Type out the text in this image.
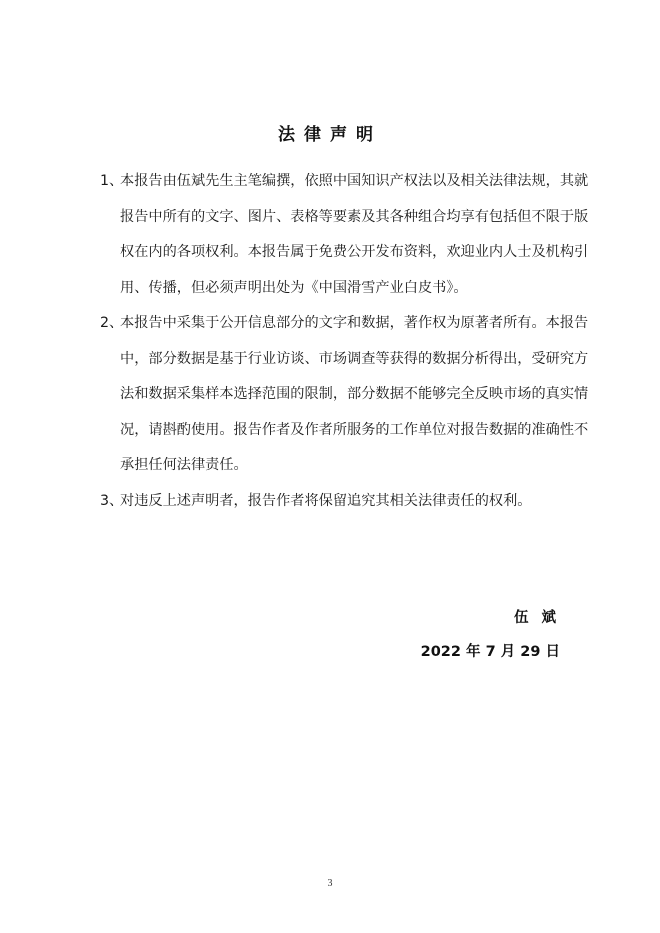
法律声明
1、本报告由伍斌先生主笔编撰，依照中国知识产权法以及相关法律法规，其就
报告中所有的文字、图片、表格等要素及其各种组合均享有包括但不限于版
权在内的各项权利。本报告属于免费公开发布资料，欢迎业内人士及机构引
用、传播，但必须声明出处为《中国滑雪产业白皮书》。
2、本报告中采集于公开信息部分的文字和数据，著作权为原著者所有。本报告
中，部分数据是基于行业访谈、市场调查等获得的数据分析得出，受研究方
法和数据采集样本选择范围的限制，部分数据不能够完全反映市场的真实情
况，请斟酌使用。报告作者及作者所服务的工作单位对报告数据的准确性不
承担任何法律责任。
3、对违反上述声明者，报告作者将保留追究其相关法律责任的权利。
伍 斌
2022 年 7 月 29 日
3
